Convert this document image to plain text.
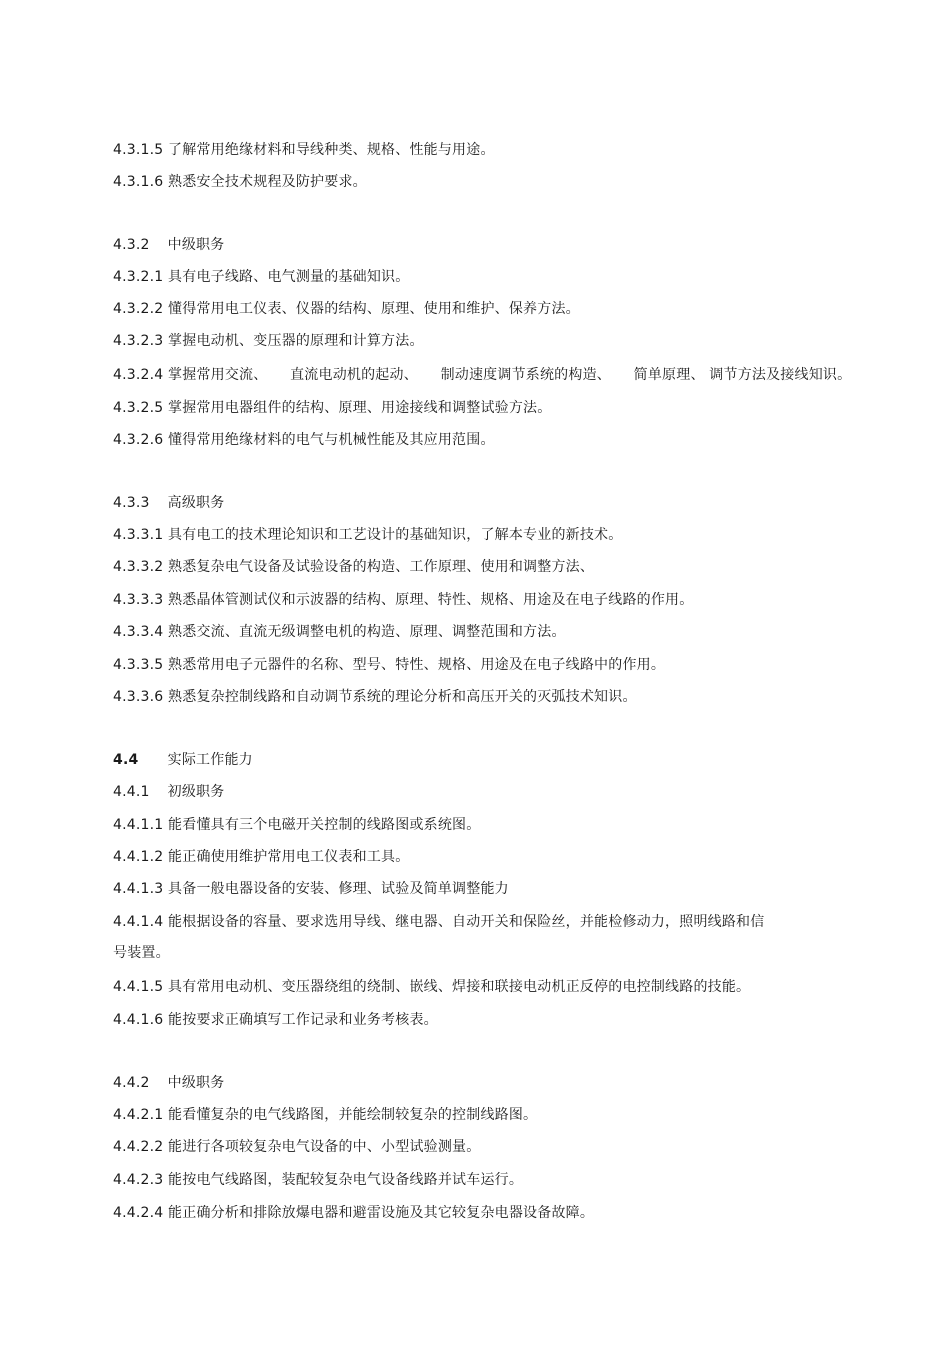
4.3.1.5 了解常用绝缘材料和导线种类、规格、性能与用途。
4.3.1.6 熟悉安全技术规程及防护要求。
4.3.2 中级职务
4.3.2.1 具有电子线路、电气测量的基础知识。
4.3.2.2 懂得常用电工仪表、仪器的结构、原理、使用和维护、保养方法。
4.3.2.3 掌握电动机、变压器的原理和计算方法。
4.3.2.4 掌握常用交流、 直流电动机的起动、 制动速度调节系统的构造、 简单原理、 调节方法及接线知识。
4.3.2.5 掌握常用电器组件的结构、原理、用途接线和调整试验方法。
4.3.2.6 懂得常用绝缘材料的电气与机械性能及其应用范围。
4.3.3 高级职务
4.3.3.1 具有电工的技术理论知识和工艺设计的基础知识，了解本专业的新技术。
4.3.3.2 熟悉复杂电气设备及试验设备的构造、工作原理、使用和调整方法、
4.3.3.3 熟悉晶体管测试仪和示波器的结构、原理、特性、规格、用途及在电子线路的作用。
4.3.3.4 熟悉交流、直流无级调整电机的构造、原理、调整范围和方法。
4.3.3.5 熟悉常用电子元器件的名称、型号、特性、规格、用途及在电子线路中的作用。
4.3.3.6 熟悉复杂控制线路和自动调节系统的理论分析和高压开关的灭弧技术知识。
4.4 实际工作能力
4.4.1 初级职务
4.4.1.1 能看懂具有三个电磁开关控制的线路图或系统图。
4.4.1.2 能正确使用维护常用电工仪表和工具。
4.4.1.3 具备一般电器设备的安装、修理、试验及简单调整能力
4.4.1.4 能根据设备的容量、要求选用导线、继电器、自动开关和保险丝，并能检修动力，照明线路和信
号装置。
4.4.1.5 具有常用电动机、变压器绕组的绕制、嵌线、焊接和联接电动机正反停的电控制线路的技能。
4.4.1.6 能按要求正确填写工作记录和业务考核表。
4.4.2 中级职务
4.4.2.1 能看懂复杂的电气线路图，并能绘制较复杂的控制线路图。
4.4.2.2 能进行各项较复杂电气设备的中、小型试验测量。
4.4.2.3 能按电气线路图，装配较复杂电气设备线路并试车运行。
4.4.2.4 能正确分析和排除放爆电器和避雷设施及其它较复杂电器设备故障。
